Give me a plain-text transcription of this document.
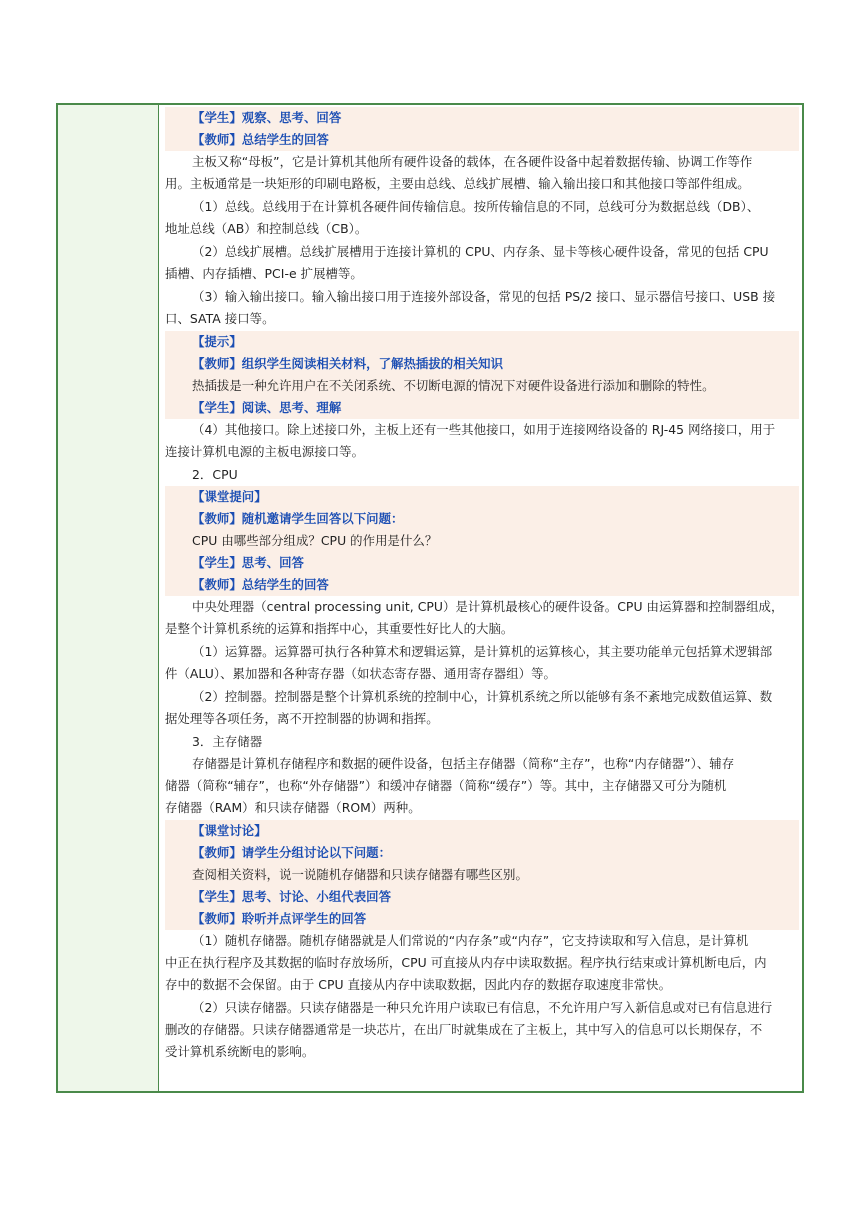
【学生】观察、思考、回答
【教师】总结学生的回答
主板又称“母板”，它是计算机其他所有硬件设备的载体，在各硬件设备中起着数据传输、协调工作等作
用。主板通常是一块矩形的印刷电路板，主要由总线、总线扩展槽、输入输出接口和其他接口等部件组成。
（1）总线。总线用于在计算机各硬件间传输信息。按所传输信息的不同，总线可分为数据总线（DB）、
地址总线（AB）和控制总线（CB）。
（2）总线扩展槽。总线扩展槽用于连接计算机的 CPU、内存条、显卡等核心硬件设备，常见的包括 CPU
插槽、内存插槽、PCI-e 扩展槽等。
（3）输入输出接口。输入输出接口用于连接外部设备，常见的包括 PS/2 接口、显示器信号接口、USB 接
口、SATA 接口等。
【提示】
【教师】组织学生阅读相关材料，了解热插拔的相关知识
热插拔是一种允许用户在不关闭系统、不切断电源的情况下对硬件设备进行添加和删除的特性。
【学生】阅读、思考、理解
（4）其他接口。除上述接口外，主板上还有一些其他接口，如用于连接网络设备的 RJ-45 网络接口，用于
连接计算机电源的主板电源接口等。
2．CPU
【课堂提问】
【教师】随机邀请学生回答以下问题：
CPU 由哪些部分组成？CPU 的作用是什么？
【学生】思考、回答
【教师】总结学生的回答
中央处理器（central processing unit, CPU）是计算机最核心的硬件设备。CPU 由运算器和控制器组成，
是整个计算机系统的运算和指挥中心，其重要性好比人的大脑。
（1）运算器。运算器可执行各种算术和逻辑运算，是计算机的运算核心，其主要功能单元包括算术逻辑部
件（ALU）、累加器和各种寄存器（如状态寄存器、通用寄存器组）等。
（2）控制器。控制器是整个计算机系统的控制中心，计算机系统之所以能够有条不紊地完成数值运算、数
据处理等各项任务，离不开控制器的协调和指挥。
3．主存储器
存储器是计算机存储程序和数据的硬件设备，包括主存储器（简称“主存”，也称“内存储器”）、辅存
储器（简称“辅存”，也称“外存储器”）和缓冲存储器（简称“缓存”）等。其中，主存储器又可分为随机
存储器（RAM）和只读存储器（ROM）两种。
【课堂讨论】
【教师】请学生分组讨论以下问题：
查阅相关资料，说一说随机存储器和只读存储器有哪些区别。
【学生】思考、讨论、小组代表回答
【教师】聆听并点评学生的回答
（1）随机存储器。随机存储器就是人们常说的“内存条”或“内存”，它支持读取和写入信息，是计算机
中正在执行程序及其数据的临时存放场所，CPU 可直接从内存中读取数据。程序执行结束或计算机断电后，内
存中的数据不会保留。由于 CPU 直接从内存中读取数据，因此内存的数据存取速度非常快。
（2）只读存储器。只读存储器是一种只允许用户读取已有信息，不允许用户写入新信息或对已有信息进行
删改的存储器。只读存储器通常是一块芯片，在出厂时就集成在了主板上，其中写入的信息可以长期保存，不
受计算机系统断电的影响。
